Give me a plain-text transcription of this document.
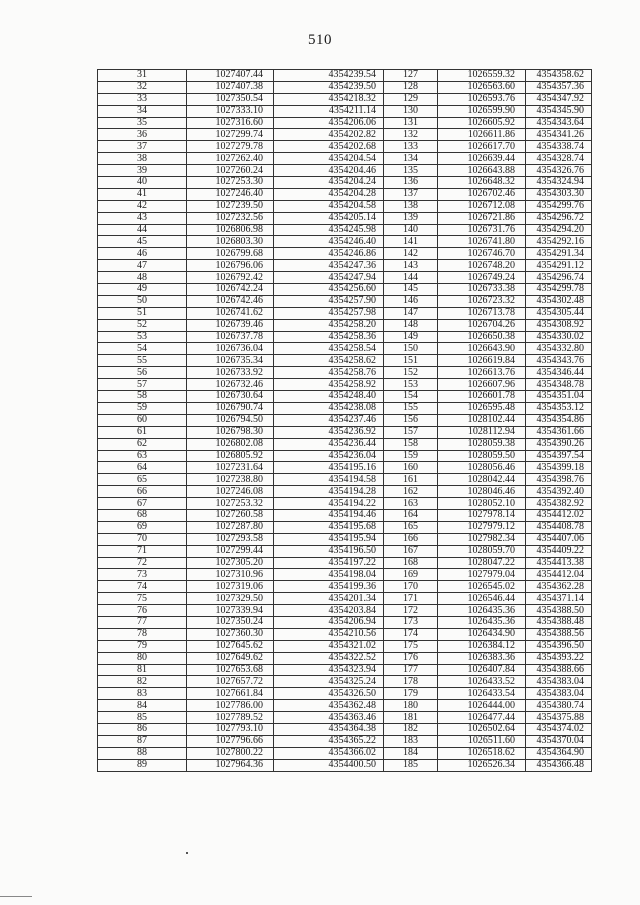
510
31	1027407.44	4354239.54	127	1026559.32	4354358.62
32	1027407.38	4354239.50	128	1026563.60	4354357.36
33	1027350.54	4354218.32	129	1026593.76	4354347.92
34	1027333.10	4354211.14	130	1026599.90	4354345.90
35	1027316.60	4354206.06	131	1026605.92	4354343.64
36	1027299.74	4354202.82	132	1026611.86	4354341.26
37	1027279.78	4354202.68	133	1026617.70	4354338.74
38	1027262.40	4354204.54	134	1026639.44	4354328.74
39	1027260.24	4354204.46	135	1026643.88	4354326.76
40	1027253.30	4354204.24	136	1026648.32	4354324.94
41	1027246.40	4354204.28	137	1026702.46	4354303.30
42	1027239.50	4354204.58	138	1026712.08	4354299.76
43	1027232.56	4354205.14	139	1026721.86	4354296.72
44	1026806.98	4354245.98	140	1026731.76	4354294.20
45	1026803.30	4354246.40	141	1026741.80	4354292.16
46	1026799.68	4354246.86	142	1026746.70	4354291.34
47	1026796.06	4354247.36	143	1026748.20	4354291.12
48	1026792.42	4354247.94	144	1026749.24	4354296.74
49	1026742.24	4354256.60	145	1026733.38	4354299.78
50	1026742.46	4354257.90	146	1026723.32	4354302.48
51	1026741.62	4354257.98	147	1026713.78	4354305.44
52	1026739.46	4354258.20	148	1026704.26	4354308.92
53	1026737.78	4354258.36	149	1026650.38	4354330.02
54	1026736.04	4354258.54	150	1026643.90	4354332.80
55	1026735.34	4354258.62	151	1026619.84	4354343.76
56	1026733.92	4354258.76	152	1026613.76	4354346.44
57	1026732.46	4354258.92	153	1026607.96	4354348.78
58	1026730.64	4354248.40	154	1026601.78	4354351.04
59	1026790.74	4354238.08	155	1026595.48	4354353.12
60	1026794.50	4354237.46	156	1028102.44	4354354.86
61	1026798.30	4354236.92	157	1028112.94	4354361.66
62	1026802.08	4354236.44	158	1028059.38	4354390.26
63	1026805.92	4354236.04	159	1028059.50	4354397.54
64	1027231.64	4354195.16	160	1028056.46	4354399.18
65	1027238.80	4354194.58	161	1028042.44	4354398.76
66	1027246.08	4354194.28	162	1028046.46	4354392.40
67	1027253.32	4354194.22	163	1028052.10	4354382.92
68	1027260.58	4354194.46	164	1027978.14	4354412.02
69	1027287.80	4354195.68	165	1027979.12	4354408.78
70	1027293.58	4354195.94	166	1027982.34	4354407.06
71	1027299.44	4354196.50	167	1028059.70	4354409.22
72	1027305.20	4354197.22	168	1028047.22	4354413.38
73	1027310.96	4354198.04	169	1027979.04	4354412.04
74	1027319.06	4354199.36	170	1026545.02	4354362.28
75	1027329.50	4354201.34	171	1026546.44	4354371.14
76	1027339.94	4354203.84	172	1026435.36	4354388.50
77	1027350.24	4354206.94	173	1026435.36	4354388.48
78	1027360.30	4354210.56	174	1026434.90	4354388.56
79	1027645.62	4354321.02	175	1026384.12	4354396.50
80	1027649.62	4354322.52	176	1026383.36	4354393.22
81	1027653.68	4354323.94	177	1026407.84	4354388.66
82	1027657.72	4354325.24	178	1026433.52	4354383.04
83	1027661.84	4354326.50	179	1026433.54	4354383.04
84	1027786.00	4354362.48	180	1026444.00	4354380.74
85	1027789.52	4354363.46	181	1026477.44	4354375.88
86	1027793.10	4354364.38	182	1026502.64	4354374.02
87	1027796.66	4354365.22	183	1026511.60	4354370.04
88	1027800.22	4354366.02	184	1026518.62	4354364.90
89	1027964.36	4354400.50	185	1026526.34	4354366.48
